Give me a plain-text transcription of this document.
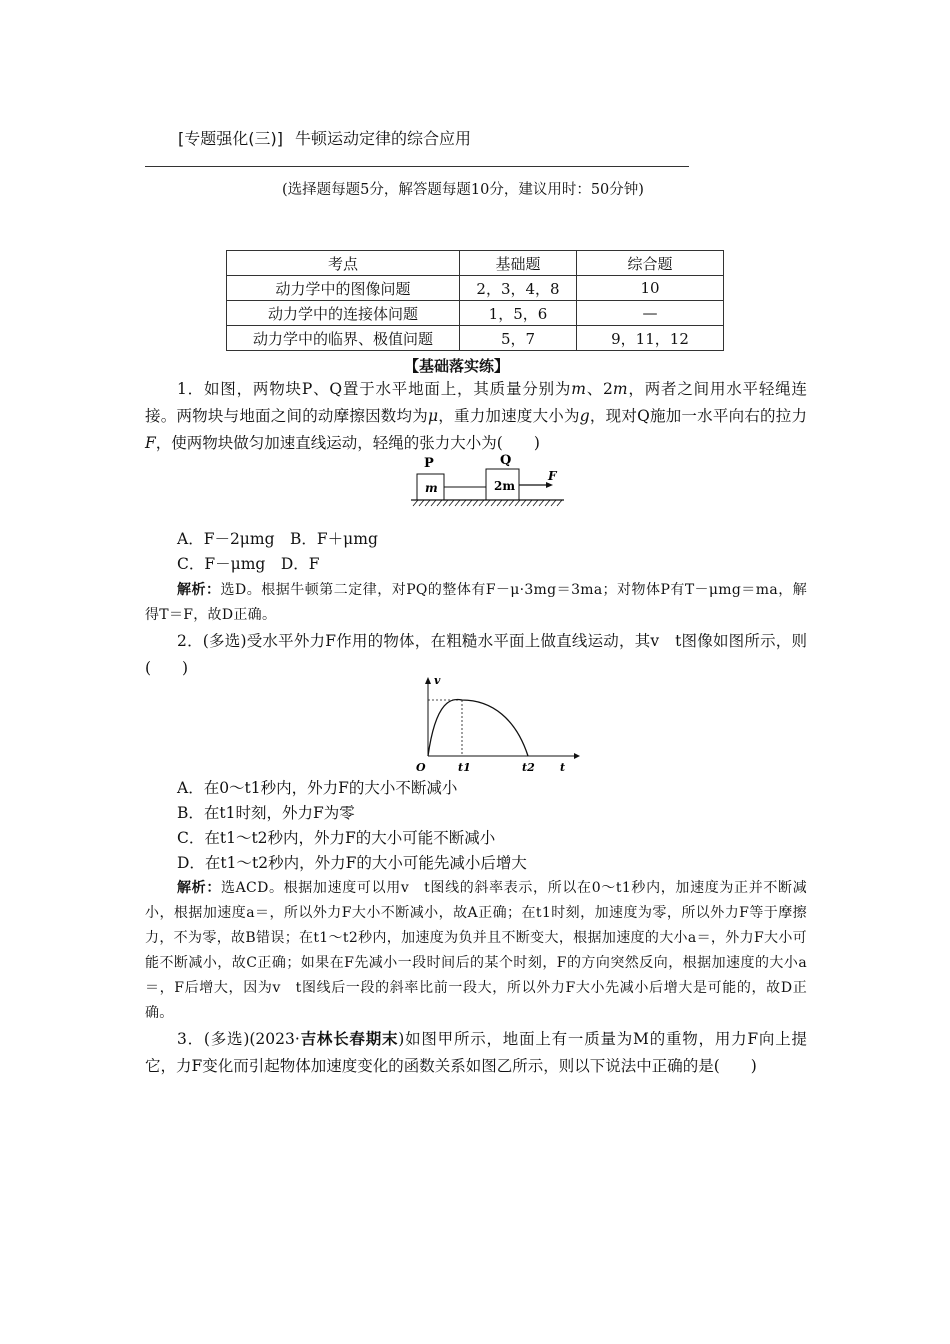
[专题强化(三)] 牛顿运动定律的综合应用
(选择题每题5分，解答题每题10分，建议用时：50分钟)
考点	基础题	综合题
动力学中的图像问题	2，3，4，8	10
动力学中的连接体问题	1，5，6	—
动力学中的临界、极值问题	5，7	9，11，12
【基础落实练】
1．如图，两物块P、Q置于水平地面上，其质量分别为m、2m，两者之间用水平轻绳连接。两物块与地面之间的动摩擦因数均为μ，重力加速度大小为g，现对Q施加一水平向右的拉力F，使两物块做匀加速直线运动，轻绳的张力大小为(　　)
P	Q
m	2m
F
A．F－2μmg　 B．F＋μmg
C．F－μmg　 D．F
解析：选D。根据牛顿第二定律，对PQ的整体有F－μ·3mg＝3ma；对物体P有T－μmg＝ma，解得T＝F，故D正确。
2．(多选)受水平外力F作用的物体，在粗糙水平面上做直线运动，其v　t图像如图所示，则(　　)
v
t
O	t1	t2
A．在0～t1秒内，外力F的大小不断减小
B．在t1时刻，外力F为零
C．在t1～t2秒内，外力F的大小可能不断减小
D．在t1～t2秒内，外力F的大小可能先减小后增大
解析：选ACD。根据加速度可以用v　t图线的斜率表示，所以在0～t1秒内，加速度为正并不断减小，根据加速度a＝，所以外力F大小不断减小，故A正确；在t1时刻，加速度为零，所以外力F等于摩擦力，不为零，故B错误；在t1～t2秒内，加速度为负并且不断变大，根据加速度的大小a＝，外力F大小可能不断减小，故C正确；如果在F先减小一段时间后的某个时刻，F的方向突然反向，根据加速度的大小a＝，F后增大，因为v　t图线后一段的斜率比前一段大，所以外力F大小先减小后增大是可能的，故D正确。
3．(多选)(2023·吉林长春期末)如图甲所示，地面上有一质量为M的重物，用力F向上提它，力F变化而引起物体加速度变化的函数关系如图乙所示，则以下说法中正确的是(　　)
